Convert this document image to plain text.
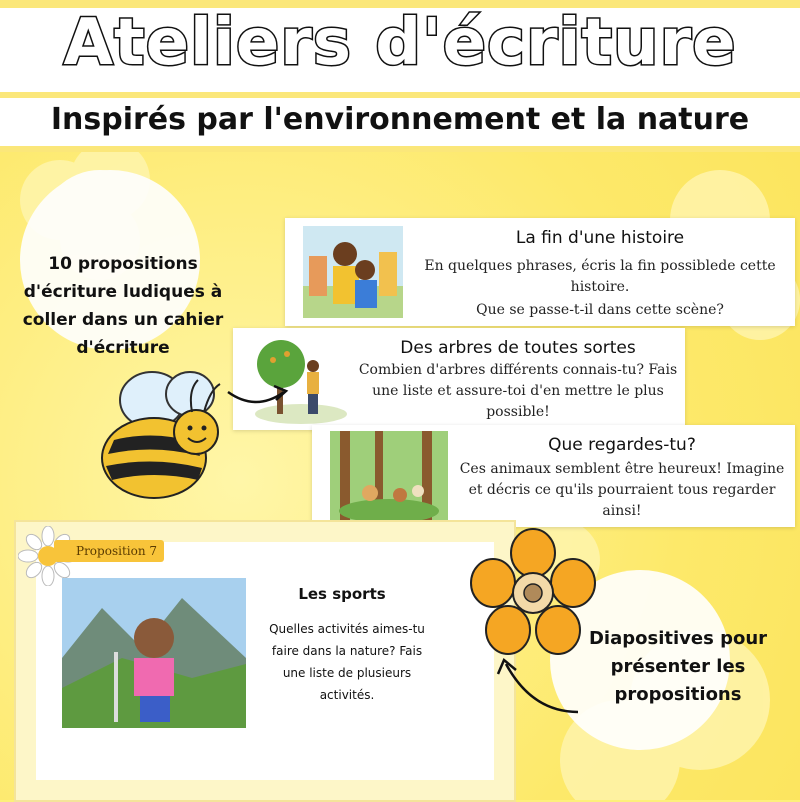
Ateliers d'écriture
Inspirés par l'environnement et la nature
La fin d'une histoire
En quelques phrases, écris la fin possiblede cette histoire.
Que se passe-t-il dans cette scène?
Des arbres de toutes sortes
Combien d'arbres différents connais-tu? Fais une liste et assure-toi d'en mettre le plus possible!
Que regardes-tu?
Ces animaux semblent être heureux! Imagine et décris ce qu'ils pourraient tous regarder ainsi!
10 propositions d'écriture ludiques à coller dans un cahier d'écriture
Proposition 7
Les sports
Quelles activités aimes-tu faire dans la nature? Fais une liste de plusieurs activités.
Diapositives pour présenter les propositions
